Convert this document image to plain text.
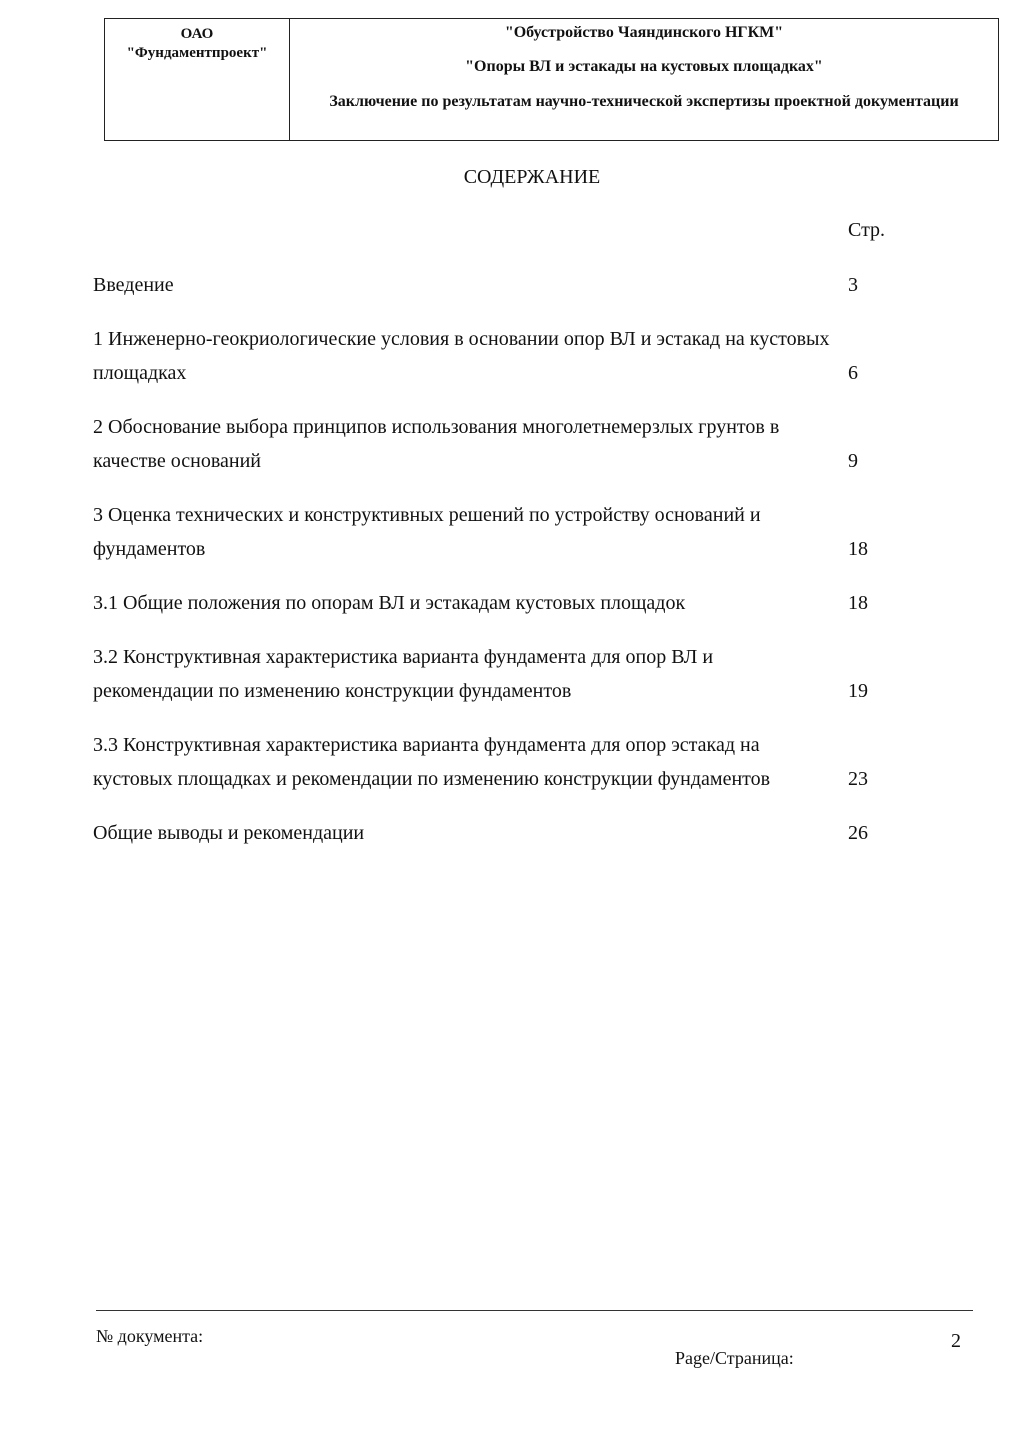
ОАО
"Фундаментпроект"
"Обустройство Чаяндинского НГКМ"
"Опоры ВЛ и эстакады на кустовых площадках"
Заключение по результатам научно-технической экспертизы проектной документации
СОДЕРЖАНИЕ
Стр.
Введение	3
1 Инженерно-геокриологические условия в основании опор ВЛ и эстакад на кустовых площадках	6
2 Обоснование выбора принципов использования многолетнемерзлых грунтов в качестве оснований	9
3 Оценка технических и конструктивных решений по устройству оснований и фундаментов	18
3.1 Общие положения по опорам ВЛ и эстакадам кустовых площадок	18
3.2 Конструктивная характеристика варианта фундамента для опор ВЛ и рекомендации по изменению конструкции фундаментов	19
3.3 Конструктивная характеристика варианта фундамента для опор эстакад на кустовых площадках и рекомендации по изменению конструкции фундаментов	23
Общие выводы и рекомендации	26
№ документа:
Page/Страница:
2
